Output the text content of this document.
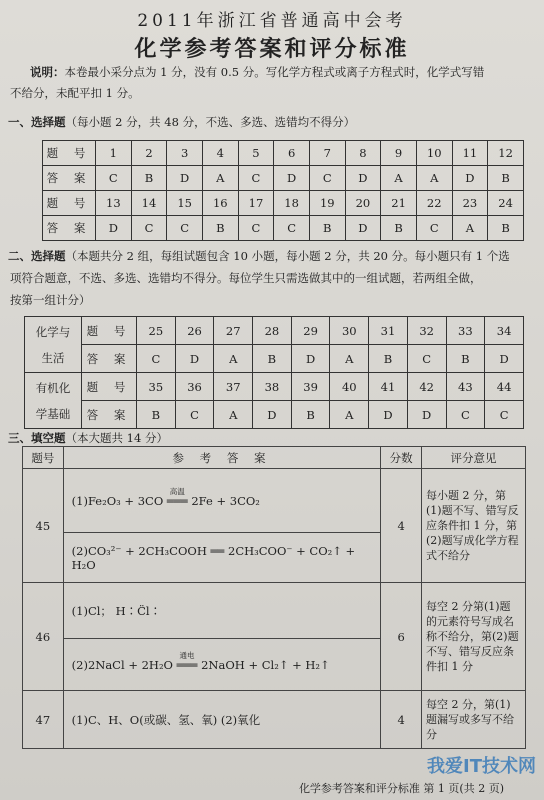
2011年浙江省普通高中会考
化学参考答案和评分标准
说明：本卷最小采分点为 1 分，没有 0.5 分。写化学方程式或离子方程式时，化学式写错
不给分，未配平扣 1 分。
一、选择题（每小题 2 分，共 48 分，不选、多选、选错均不得分）
题 号	1	2	3	4	5	6	7	8	9	10	11	12
答 案	C	B	D	A	C	D	C	D	A	A	D	B
题 号	13	14	15	16	17	18	19	20	21	22	23	24
答 案	D	C	C	B	C	C	B	D	B	C	A	B
二、选择题（本题共分 2 组，每组试题包含 10 小题，每小题 2 分，共 20 分。每小题只有 1 个选
项符合题意，不选、多选、选错均不得分。每位学生只需选做其中的一组试题，若两组全做，
按第一组计分）
化学与
生活	题 号	25	26	27	28	29	30	31	32	33	34
	答 案	C	D	A	B	D	A	B	C	B	D

有机化
学基础	题 号	35	36	37	38	39	40	41	42	43	44
	答 案	B	C	A	D	B	A	D	D	C	C
三、填空题（本大题共 14 分）
题号	参 考 答 案	分数	评分意见
45	(1)Fe₂O₃ + 3CO
高温
═══ 2Fe + 3CO₂	4	每小题 2 分，第(1)题不写、错写反应条件扣 1 分，第(2)题写成化学方程式不给分
	(2)CO₃²⁻ + 2CH₃COOH ══ 2CH₃COO⁻ + CO₂↑ + H₂O		
46	(1)Cl； H∶C̈l∶	6	每空 2 分第(1)题的元素符号写成名称不给分，第(2)题不写、错写反应条件扣 1 分
	(2)2NaCl + 2H₂O
通电
═══ 2NaOH + Cl₂↑ + H₂↑		
47	(1)C、H、O(或碳、氢、氧) (2)氧化	4	每空 2 分，第(1)题漏写或多写不给分
化学参考答案和评分标准 第 1 页(共 2 页)
我爱IT技术网
